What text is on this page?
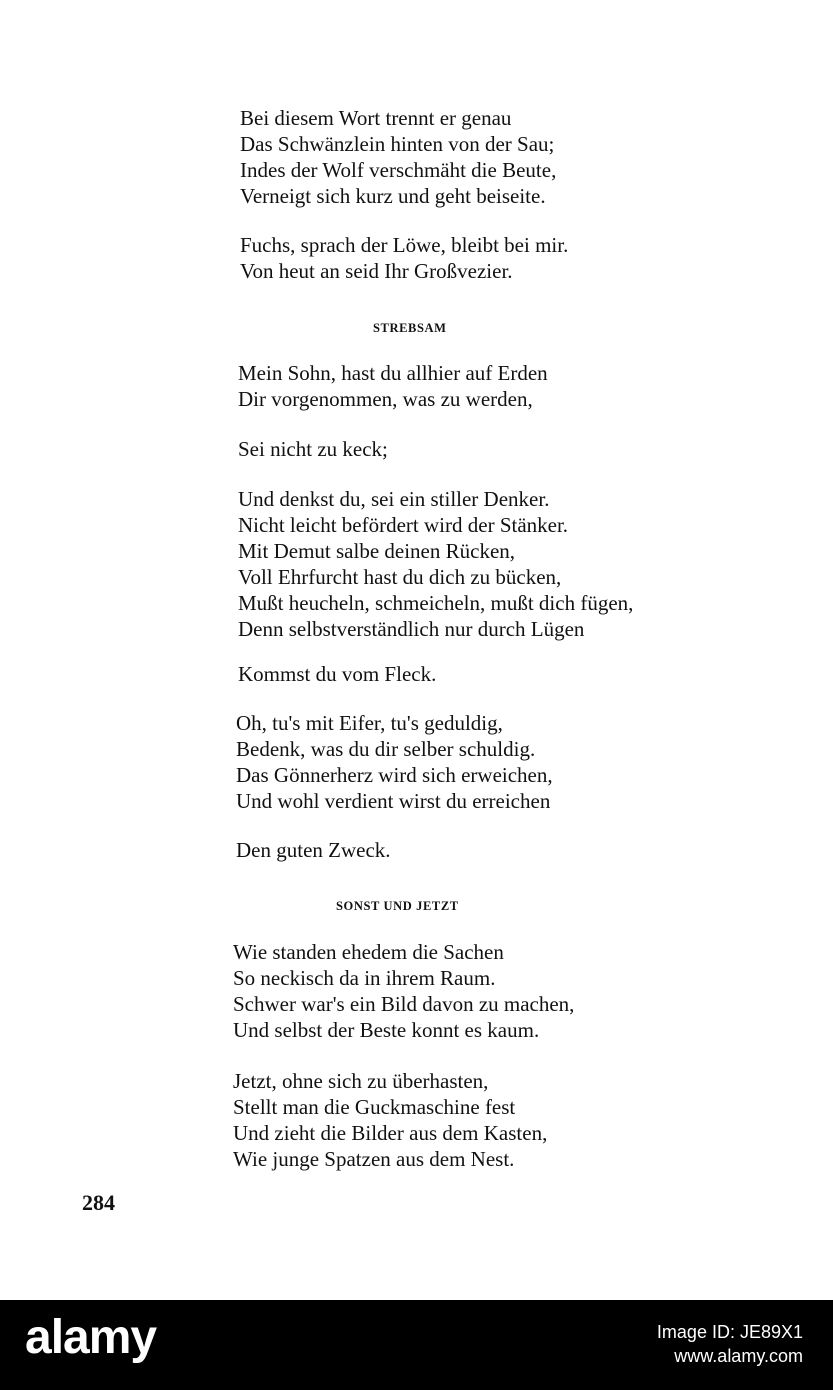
Bei diesem Wort trennt er genau
Das Schwänzlein hinten von der Sau;
Indes der Wolf verschmäht die Beute,
Verneigt sich kurz und geht beiseite.
Fuchs, sprach der Löwe, bleibt bei mir.
Von heut an seid Ihr Großvezier.
STREBSAM
Mein Sohn, hast du allhier auf Erden
Dir vorgenommen, was zu werden,
Sei nicht zu keck;
Und denkst du, sei ein stiller Denker.
Nicht leicht befördert wird der Stänker.
Mit Demut salbe deinen Rücken,
Voll Ehrfurcht hast du dich zu bücken,
Mußt heucheln, schmeicheln, mußt dich fügen,
Denn selbstverständlich nur durch Lügen
Kommst du vom Fleck.
Oh, tu's mit Eifer, tu's geduldig,
Bedenk, was du dir selber schuldig.
Das Gönnerherz wird sich erweichen,
Und wohl verdient wirst du erreichen
Den guten Zweck.
SONST UND JETZT
Wie standen ehedem die Sachen
So neckisch da in ihrem Raum.
Schwer war's ein Bild davon zu machen,
Und selbst der Beste konnt es kaum.
Jetzt, ohne sich zu überhasten,
Stellt man die Guckmaschine fest
Und zieht die Bilder aus dem Kasten,
Wie junge Spatzen aus dem Nest.
284
alamy	Image ID: JE89X1
www.alamy.com
